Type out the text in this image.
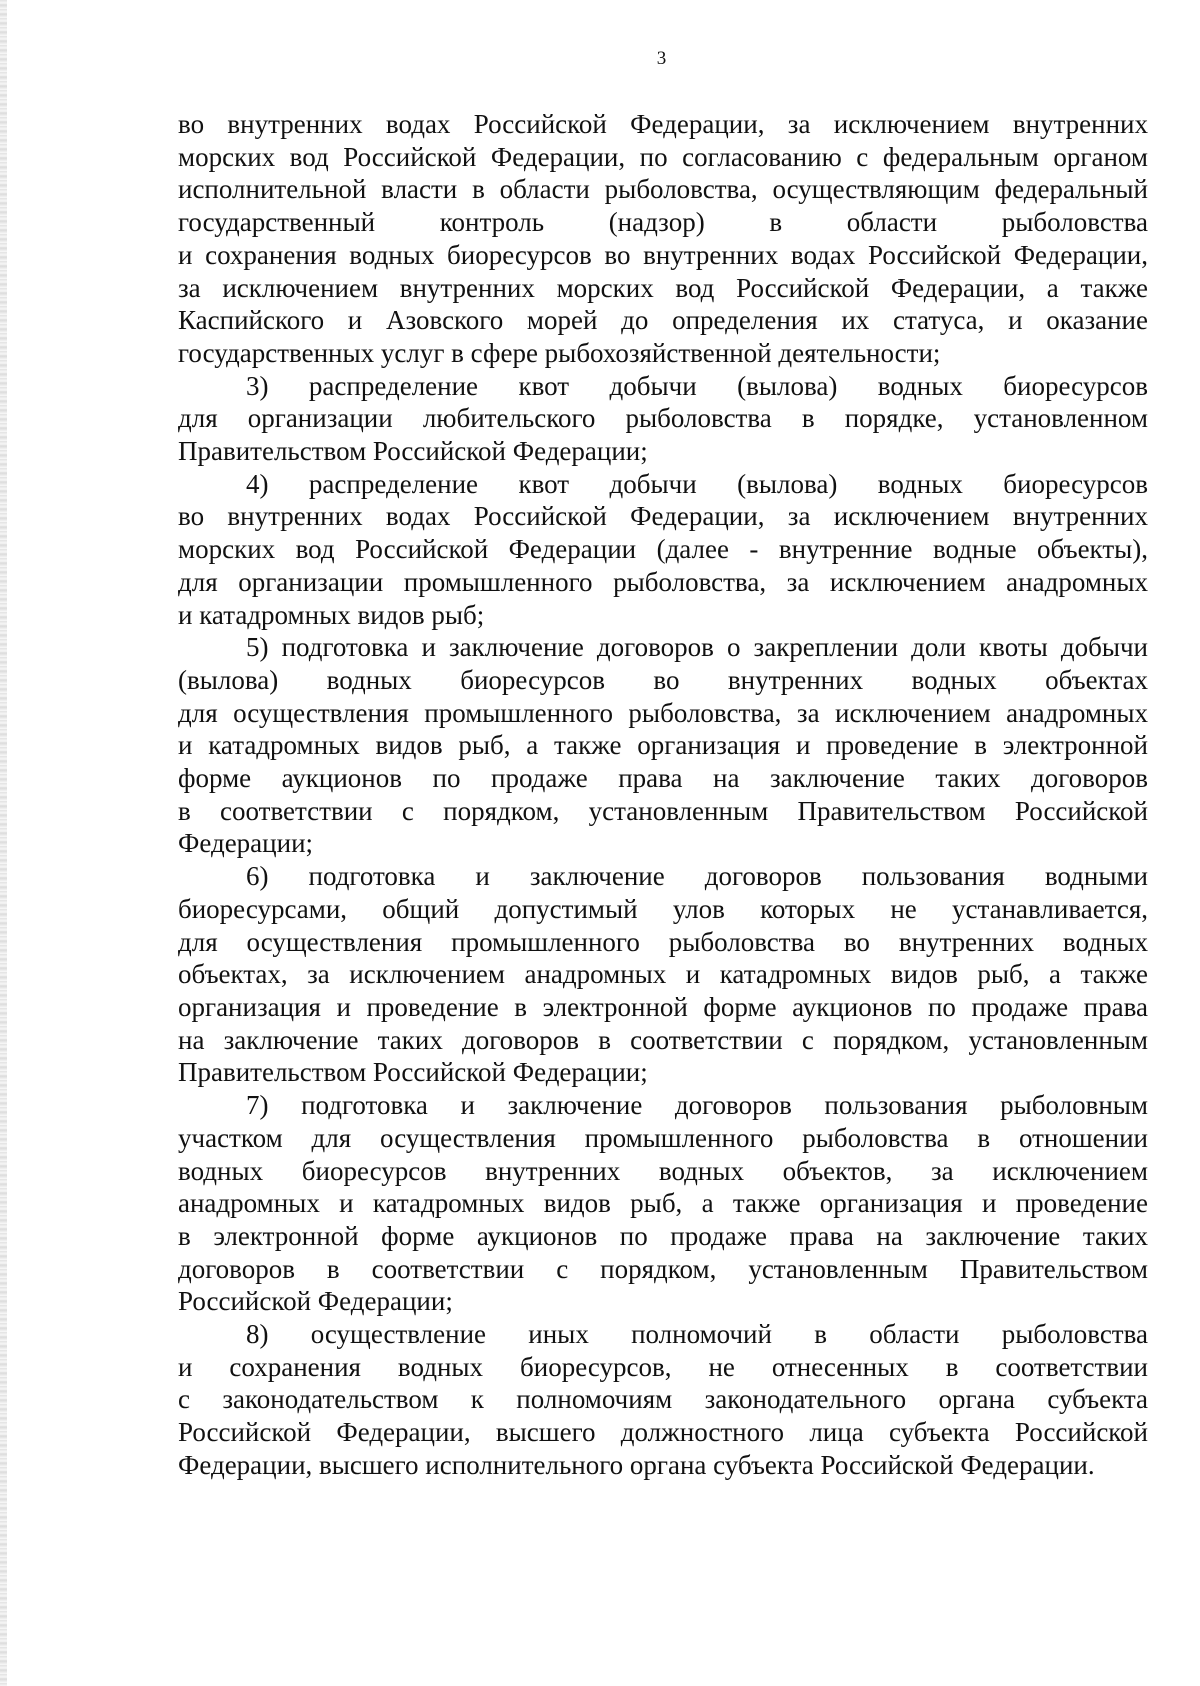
3
во внутренних водах Российской Федерации, за исключением внутренних
морских вод Российской Федерации, по согласованию с федеральным органом
исполнительной власти в области рыболовства, осуществляющим федеральный
государственный контроль (надзор) в области рыболовства
и сохранения водных биоресурсов во внутренних водах Российской Федерации,
за исключением внутренних морских вод Российской Федерации, а также
Каспийского и Азовского морей до определения их статуса, и оказание
государственных услуг в сфере рыбохозяйственной деятельности;
3) распределение квот добычи (вылова) водных биоресурсов
для организации любительского рыболовства в порядке, установленном
Правительством Российской Федерации;
4) распределение квот добычи (вылова) водных биоресурсов
во внутренних водах Российской Федерации, за исключением внутренних
морских вод Российской Федерации (далее - внутренние водные объекты),
для организации промышленного рыболовства, за исключением анадромных
и катадромных видов рыб;
5) подготовка и заключение договоров о закреплении доли квоты добычи
(вылова) водных биоресурсов во внутренних водных объектах
для осуществления промышленного рыболовства, за исключением анадромных
и катадромных видов рыб, а также организация и проведение в электронной
форме аукционов по продаже права на заключение таких договоров
в соответствии с порядком, установленным Правительством Российской
Федерации;
6) подготовка и заключение договоров пользования водными
биоресурсами, общий допустимый улов которых не устанавливается,
для осуществления промышленного рыболовства во внутренних водных
объектах, за исключением анадромных и катадромных видов рыб, а также
организация и проведение в электронной форме аукционов по продаже права
на заключение таких договоров в соответствии с порядком, установленным
Правительством Российской Федерации;
7) подготовка и заключение договоров пользования рыболовным
участком для осуществления промышленного рыболовства в отношении
водных биоресурсов внутренних водных объектов, за исключением
анадромных и катадромных видов рыб, а также организация и проведение
в электронной форме аукционов по продаже права на заключение таких
договоров в соответствии с порядком, установленным Правительством
Российской Федерации;
8) осуществление иных полномочий в области рыболовства
и сохранения водных биоресурсов, не отнесенных в соответствии
с законодательством к полномочиям законодательного органа субъекта
Российской Федерации, высшего должностного лица субъекта Российской
Федерации, высшего исполнительного органа субъекта Российской Федерации.
